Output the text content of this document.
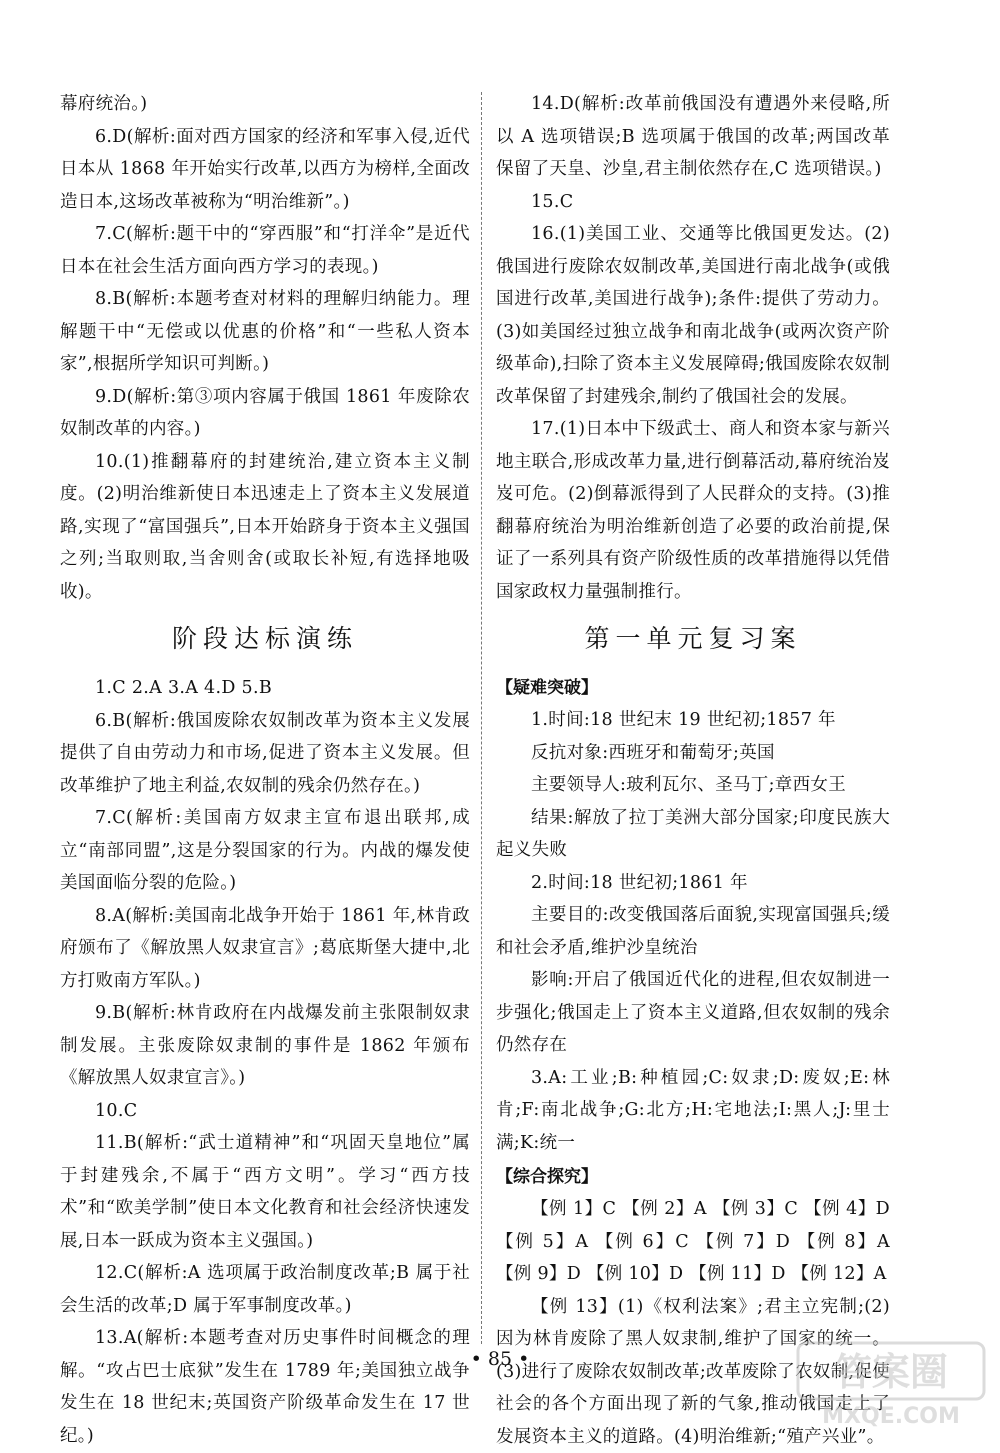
幕府统治。)

6.D(解析:面对西方国家的经济和军事入侵,近代日本从 1868 年开始实行改革,以西方为榜样,全面改造日本,这场改革被称为“明治维新”。)

7.C(解析:题干中的“穿西服”和“打洋伞”是近代日本在社会生活方面向西方学习的表现。)

8.B(解析:本题考查对材料的理解归纳能力。理解题干中“无偿或以优惠的价格”和“一些私人资本家”,根据所学知识可判断。)

9.D(解析:第③项内容属于俄国 1861 年废除农奴制改革的内容。)

10.(1)推翻幕府的封建统治,建立资本主义制度。(2)明治维新使日本迅速走上了资本主义发展道路,实现了“富国强兵”,日本开始跻身于资本主义强国之列;当取则取,当舍则舍(或取长补短,有选择地吸收)。

阶段达标演练

1.C 2.A 3.A 4.D 5.B

6.B(解析:俄国废除农奴制改革为资本主义发展提供了自由劳动力和市场,促进了资本主义发展。但改革维护了地主利益,农奴制的残余仍然存在。)

7.C(解析:美国南方奴隶主宣布退出联邦,成立“南部同盟”,这是分裂国家的行为。内战的爆发使美国面临分裂的危险。)

8.A(解析:美国南北战争开始于 1861 年,林肯政府颁布了《解放黑人奴隶宣言》;葛底斯堡大捷中,北方打败南方军队。)

9.B(解析:林肯政府在内战爆发前主张限制奴隶制发展。主张废除奴隶制的事件是 1862 年颁布《解放黑人奴隶宣言》。)

10.C

11.B(解析:“武士道精神”和“巩固天皇地位”属于封建残余,不属于“西方文明”。学习“西方技术”和“欧美学制”使日本文化教育和社会经济快速发展,日本一跃成为资本主义强国。)

12.C(解析:A 选项属于政治制度改革;B 属于社会生活的改革;D 属于军事制度改革。)

13.A(解析:本题考查对历史事件时间概念的理解。“攻占巴士底狱”发生在 1789 年;美国独立战争发生在 18 世纪末;英国资产阶级革命发生在 17 世纪。)

14.D(解析:改革前俄国没有遭遇外来侵略,所以 A 选项错误;B 选项属于俄国的改革;两国改革保留了天皇、沙皇,君主制依然存在,C 选项错误。)

15.C

16.(1)美国工业、交通等比俄国更发达。(2)俄国进行废除农奴制改革,美国进行南北战争(或俄国进行改革,美国进行战争);条件:提供了劳动力。(3)如美国经过独立战争和南北战争(或两次资产阶级革命),扫除了资本主义发展障碍;俄国废除农奴制改革保留了封建残余,制约了俄国社会的发展。

17.(1)日本中下级武士、商人和资本家与新兴地主联合,形成改革力量,进行倒幕活动,幕府统治岌岌可危。(2)倒幕派得到了人民群众的支持。(3)推翻幕府统治为明治维新创造了必要的政治前提,保证了一系列具有资产阶级性质的改革措施得以凭借国家政权力量强制推行。

第一单元复习案
【疑难突破】

1.时间:18 世纪末 19 世纪初;1857 年

反抗对象:西班牙和葡萄牙;英国

主要领导人:玻利瓦尔、圣马丁;章西女王

结果:解放了拉丁美洲大部分国家;印度民族大起义失败

2.时间:18 世纪初;1861 年

主要目的:改变俄国落后面貌,实现富国强兵;缓和社会矛盾,维护沙皇统治

影响:开启了俄国近代化的进程,但农奴制进一步强化;俄国走上了资本主义道路,但农奴制的残余仍然存在

3.A:工业;B:种植园;C:奴隶;D:废奴;E:林肯;F:南北战争;G:北方;H:宅地法;I:黑人;J:里士满;K:统一

【综合探究】

【例 1】C 【例 2】A 【例 3】C 【例 4】D 【例 5】A 【例 6】C 【例 7】D 【例 8】A 【例 9】D 【例 10】D 【例 11】D 【例 12】A

【例 13】(1)《权利法案》;君主立宪制;(2)因为林肯废除了黑人奴隶制,维护了国家的统一。(3)进行了废除农奴制改革;改革废除了农奴制,促使社会的各个方面出现了新的气象,推动俄国走上了发展资本主义的道路。(4)明治维新;“殖产兴业”。

• 85 •	答案圈
MXQE.COM
